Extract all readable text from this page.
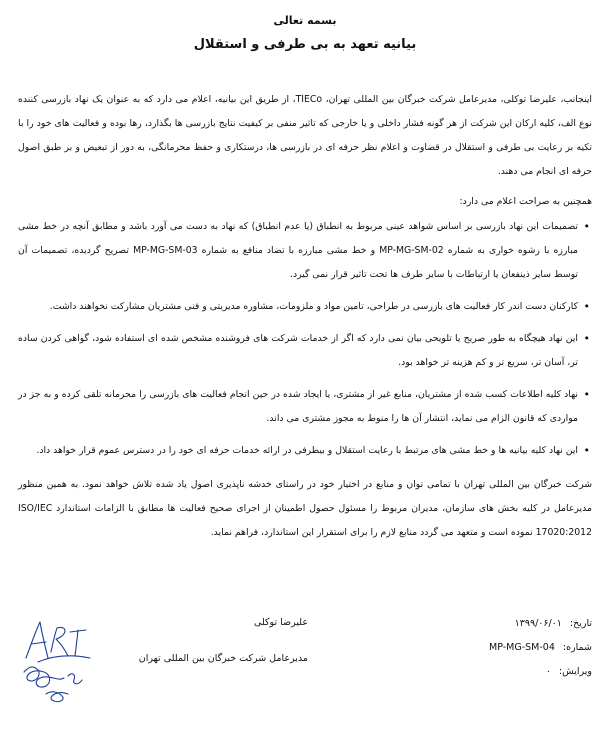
بسمه تعالی
بیانیه تعهد به بی طرفی و استقلال

اینجانب، علیرضا توکلی، مدیرعامل شرکت خبرگان بین المللی تهران، TIECo، از طریق این بیانیه، اعلام می دارد که به عنوان یک نهاد بازرسی کننده نوع الف، کلیه ارکان این شرکت از هر گونه فشار داخلی و یا خارجی که تاثیر منفی بر کیفیت نتایج بازرسی ها بگذارد، رها بوده و فعالیت های خود را با تکیه بر رعایت بی طرفی و استقلال در قضاوت و اعلام نظر حرفه ای در بازرسی ها، درستکاری و حفظ محرمانگی، به دور از تبعیض و بر طبق اصول حرفه ای انجام می دهند.

همچنین به صراحت اعلام می دارد:
• تصمیمات این نهاد بازرسی بر اساس شواهد عینی مربوط به انطباق (یا عدم انطباق) که نهاد به دست می آورد باشد و مطابق آنچه در خط مشی مبارزه با رشوه خواری به شماره MP-MG-SM-02 و خط مشی مبارزه با تضاد منافع به شماره MP-MG-SM-03 تصریح گردیده، تصمیمات آن توسط سایر ذینفعان یا ارتباطات با سایر طرف ها تحت تاثیر قرار نمی گیرد.
• کارکنان دست اندر کار فعالیت های بازرسی در طراحی، تامین مواد و ملزومات، مشاوره مدیریتی و فنی مشتریان مشارکت نخواهند داشت.
• این نهاد هیچگاه به طور صریح یا تلویحی بیان نمی دارد که اگر از خدمات شرکت های فروشنده مشخص شده ای استفاده شود، گواهی کردن ساده تر، آسان تر، سریع تر و کم هزینه تر خواهد بود.
• نهاد کلیه اطلاعات کسب شده از مشتریان، منابع غیر از مشتری، یا ایجاد شده در حین انجام فعالیت های بازرسی را محرمانه تلقی کرده و به جز در مواردی که قانون الزام می نماید، انتشار آن ها را منوط به مجوز مشتری می داند.
• این نهاد کلیه بیانیه ها و خط مشی های مرتبط با رعایت استقلال و بیطرفی در ارائه خدمات حرفه ای خود را در دسترس عموم قرار خواهد داد.

شرکت خبرگان بین المللی تهران با تمامی توان و منابع در اختیار خود در راستای خدشه ناپذیری اصول یاد شده تلاش خواهد نمود. به همین منظور مدیرعامل در کلیه بخش های سازمان، مدیران مربوط را مسئول حصول اطمینان از اجرای صحیح فعالیت ها مطابق با الزامات استاندارد ISO/IEC 17020:2012 نموده است و متعهد می گردد منابع لازم را برای استقرار این استاندارد، فراهم نماید.

تاریخ:
۱۳۹۹/۰۶/۰۱
شماره:
MP-MG-SM-04
ویرایش:
۰
علیرضا توکلی
مدیرعامل شرکت خبرگان بین المللی تهران
